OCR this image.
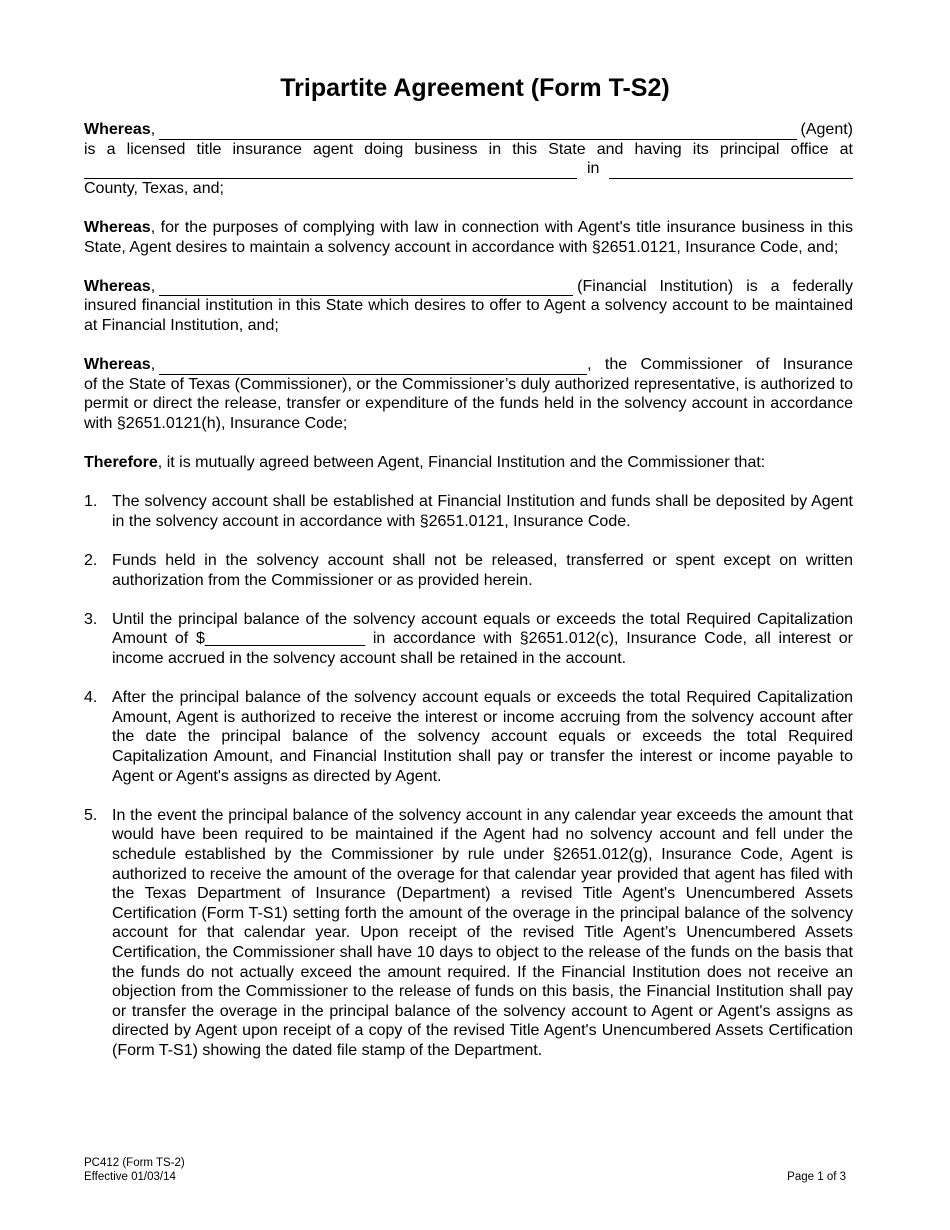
Tripartite Agreement (Form T-S2)
Whereas ,	(Agent)
is a licensed title insurance agent doing business in this State and having its principal office at
in
County, Texas, and;
Whereas, for the purposes of complying with law in connection with Agent's title insurance business in this State, Agent desires to maintain a solvency account in accordance with §2651.0121, Insurance Code, and;
Whereas ,	(Financial Institution) is a federally
insured financial institution in this State which desires to offer to Agent a solvency account to be maintained at Financial Institution, and;
Whereas ,	, the Commissioner of Insurance
of the State of Texas (Commissioner), or the Commissioner’s duly authorized representative, is authorized to permit or direct the release, transfer or expenditure of the funds held in the solvency account in accordance with §2651.0121(h), Insurance Code;
Therefore, it is mutually agreed between Agent, Financial Institution and the Commissioner that:
1. The solvency account shall be established at Financial Institution and funds shall be deposited by Agent in the solvency account in accordance with §2651.0121, Insurance Code.
2. Funds held in the solvency account shall not be released, transferred or spent except on written authorization from the Commissioner or as provided herein.
3. Until the principal balance of the solvency account equals or exceeds the total Required Capitalization Amount of $__________________ in accordance with §2651.012(c), Insurance Code, all interest or income accrued in the solvency account shall be retained in the account.
4. After the principal balance of the solvency account equals or exceeds the total Required Capitalization Amount, Agent is authorized to receive the interest or income accruing from the solvency account after the date the principal balance of the solvency account equals or exceeds the total Required Capitalization Amount, and Financial Institution shall pay or transfer the interest or income payable to Agent or Agent's assigns as directed by Agent.
5. In the event the principal balance of the solvency account in any calendar year exceeds the amount that would have been required to be maintained if the Agent had no solvency account and fell under the schedule established by the Commissioner by rule under §2651.012(g), Insurance Code, Agent is authorized to receive the amount of the overage for that calendar year provided that agent has filed with the Texas Department of Insurance (Department) a revised Title Agent's Unencumbered Assets Certification (Form T-S1) setting forth the amount of the overage in the principal balance of the solvency account for that calendar year. Upon receipt of the revised Title Agent’s Unencumbered Assets Certification, the Commissioner shall have 10 days to object to the release of the funds on the basis that the funds do not actually exceed the amount required. If the Financial Institution does not receive an objection from the Commissioner to the release of funds on this basis, the Financial Institution shall pay or transfer the overage in the principal balance of the solvency account to Agent or Agent's assigns as directed by Agent upon receipt of a copy of the revised Title Agent's Unencumbered Assets Certification (Form T-S1) showing the dated file stamp of the Department.
PC412 (Form TS-2)
Effective 01/03/14	Page 1 of 3
